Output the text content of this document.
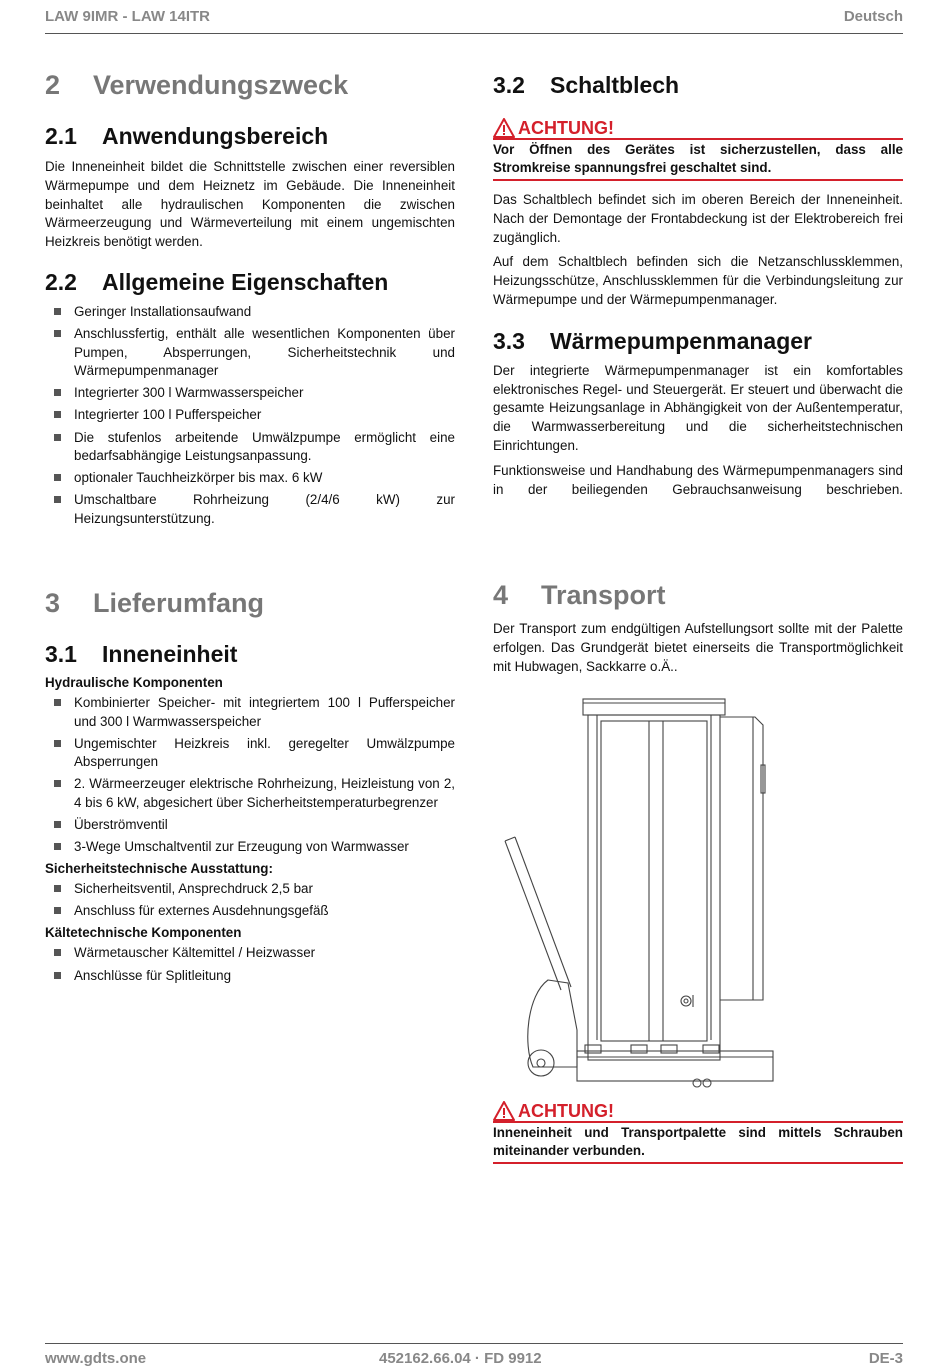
LAW 9IMR - LAW 14ITR	Deutsch
2 Verwendungszweck
2.1 Anwendungsbereich

Die Inneneinheit bildet die Schnittstelle zwischen einer reversiblen Wärmepumpe und dem Heiznetz im Gebäude. Die Inneneinheit beinhaltet alle hydraulischen Komponenten die zwischen Wärmeerzeugung und Wärmeverteilung mit einem ungemischten Heizkreis benötigt werden.

2.2 Allgemeine Eigenschaften
Geringer Installationsaufwand
Anschlussfertig, enthält alle wesentlichen Komponenten über Pumpen, Absperrungen, Sicherheitstechnik und Wärmepumpenmanager
Integrierter 300 l Warmwasserspeicher
Integrierter 100 l Pufferspeicher
Die stufenlos arbeitende Umwälzpumpe ermöglicht eine bedarfsabhängige Leistungsanpassung.
optionaler Tauchheizkörper bis max. 6 kW
Umschaltbare Rohrheizung (2/4/6 kW) zur Heizungsunterstützung.
3 Lieferumfang
3.1 Inneneinheit
Hydraulische Komponenten
Kombinierter Speicher- mit integriertem 100 l Pufferspeicher und 300 l Warmwasserspeicher
Ungemischter Heizkreis inkl. geregelter Umwälzpumpe Absperrungen
2. Wärmeerzeuger elektrische Rohrheizung, Heizleistung von 2, 4 bis 6 kW, abgesichert über Sicherheitstemperaturbegrenzer
Überströmventil
3-Wege Umschaltventil zur Erzeugung von Warmwasser
Sicherheitstechnische Ausstattung:
Sicherheitsventil, Ansprechdruck 2,5 bar
Anschluss für externes Ausdehnungsgefäß
Kältetechnische Komponenten
Wärmetauscher Kältemittel / Heizwasser
Anschlüsse für Splitleitung
3.2 Schaltblech
ACHTUNG!
Vor Öffnen des Gerätes ist sicherzustellen, dass alle Stromkreise spannungsfrei geschaltet sind.

Das Schaltblech befindet sich im oberen Bereich der Inneneinheit. Nach der Demontage der Frontabdeckung ist der Elektrobereich frei zugänglich.

Auf dem Schaltblech befinden sich die Netzanschlussklemmen, Heizungsschütze, Anschlussklemmen für die Verbindungsleitung zur Wärmepumpe und der Wärmepumpenmanager.

3.3 Wärmepumpenmanager

Der integrierte Wärmepumpenmanager ist ein komfortables elektronisches Regel- und Steuergerät. Er steuert und überwacht die gesamte Heizungsanlage in Abhängigkeit von der Außentemperatur, die Warmwasserbereitung und die sicherheitstechnischen Einrichtungen.

Funktionsweise und Handhabung des Wärmepumpenmanagers sind in der beiliegenden Gebrauchsanweisung beschrieben.

4 Transport

Der Transport zum endgültigen Aufstellungsort sollte mit der Palette erfolgen. Das Grundgerät bietet einerseits die Transportmöglichkeit mit Hubwagen, Sackkarre o.Ä..

ACHTUNG!
Inneneinheit und Transportpalette sind mittels Schrauben miteinander verbunden.
www.gdts.one	452162.66.04 · FD 9912	DE-3
